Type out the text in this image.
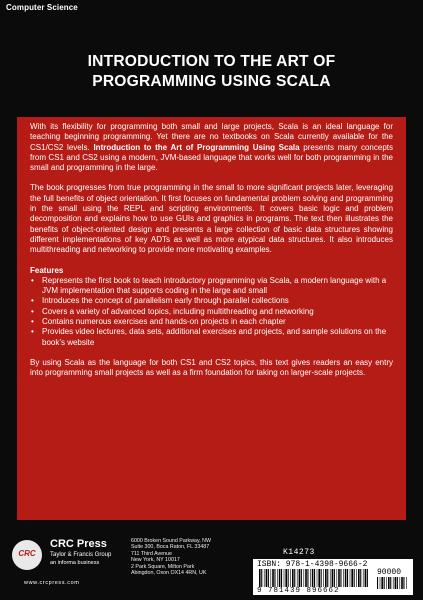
Computer Science
INTRODUCTION TO THE ART OF
PROGRAMMING USING SCALA

With its flexibility for programming both small and large projects, Scala is an ideal language for teaching beginning programming. Yet there are no textbooks on Scala currently available for the CS1/CS2 levels. Introduction to the Art of Programming Using Scala presents many concepts from CS1 and CS2 using a modern, JVM-based language that works well for both programming in the small and programming in the large.

The book progresses from true programming in the small to more significant projects later, leveraging the full benefits of object orientation. It first focuses on fundamental problem solving and programming in the small using the REPL and scripting environments. It covers basic logic and problem decomposition and explains how to use GUIs and graphics in programs. The text then illustrates the benefits of object-oriented design and presents a large collection of basic data structures showing different implementations of key ADTs as well as more atypical data structures. It also introduces multithreading and networking to provide more motivating examples.

Features

• Represents the first book to teach introductory programming via Scala, a modern language with a JVM implementation that supports coding in the large and small
• Introduces the concept of parallelism early through parallel collections
• Covers a variety of advanced topics, including multithreading and networking
• Contains numerous exercises and hands-on projects in each chapter
• Provides video lectures, data sets, additional exercises and projects, and sample solutions on the book’s website

By using Scala as the language for both CS1 and CS2 topics, this text gives readers an easy entry into programming small projects as well as a firm foundation for taking on larger-scale projects.

CRC
CRC Press
Taylor & Francis Group
an informa business
www.crcpress.com
6000 Broken Sound Parkway, NW
Suite 300, Boca Raton, FL 33487
711 Third Avenue
New York, NY 10017
2 Park Square, Milton Park
Abingdon, Oxon OX14 4RN, UK
K14273
ISBN: 978-1-4398-9666-2
90000
9 781439 896662
